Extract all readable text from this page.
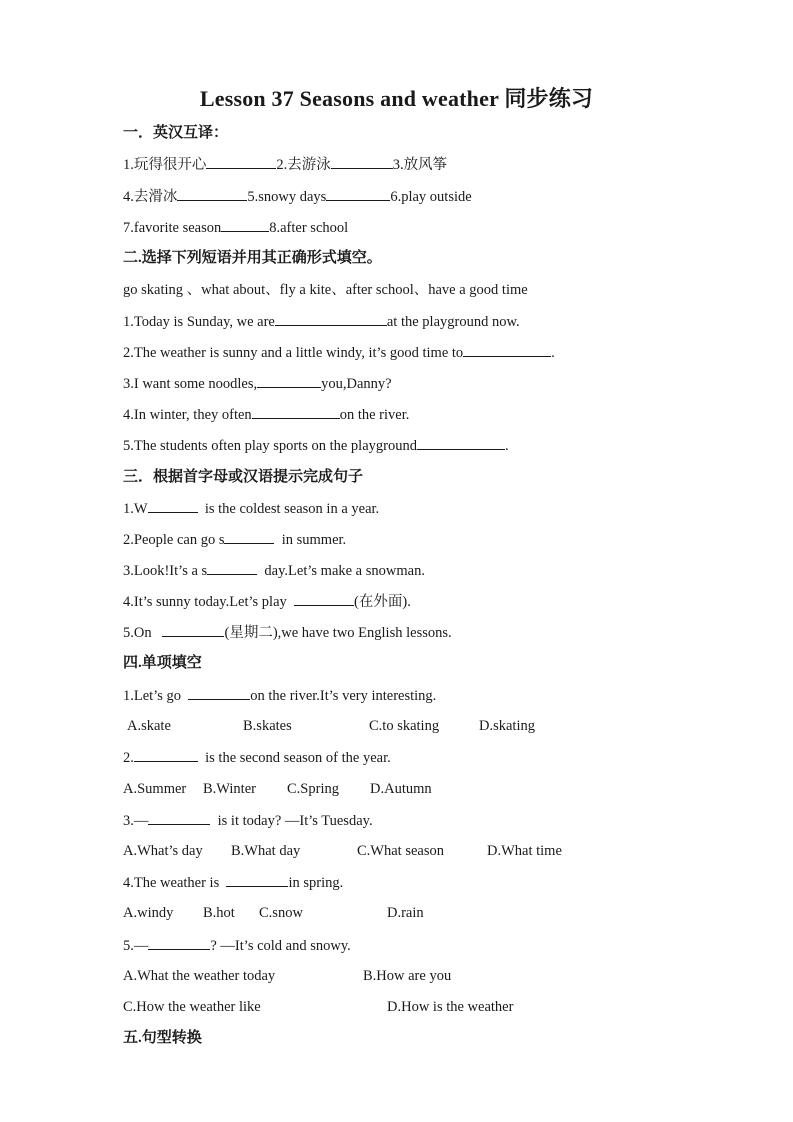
Lesson 37 Seasons and weather 同步练习
一．英汉互译：
1.玩得很开心	2.去游泳	3.放风筝
4.去滑冰	5.snowy days	6.play outside
7.favorite season	8.after school
二.选择下列短语并用其正确形式填空。
go skating 、what about、fly a kite、after school、have a good time
1.Today is Sunday, we are	at the playground now.
2.The weather is sunny and a little windy, it’s good time to	.
3.I want some noodles,	you,Danny?
4.In winter, they often	on the river.
5.The students often play sports on the playground	.
三．根据首字母或汉语提示完成句子
1.W	is the coldest season in a year.
2.People can go s	in summer.
3.Look!It’s a s	day.Let’s make a snowman.
4.It’s sunny today.Let’s play	(在外面).
5.On	(星期二),we have two English lessons.
四.单项填空
1.Let’s go	on the river.It’s very interesting.
A.skate	B.skates	C.to skating	D.skating
2.	is the second season of the year.
A.Summer B.Winter C.Spring D.Autumn
3.—	is it today? —It’s Tuesday.
A.What’s day B.What day	C.What season	D.What time
4.The weather is	in spring.
A.windy B.hot C.snow	D.rain
5.—	? —It’s cold and snowy.
A.What the weather today	B.How are you
C.How the weather like	D.How is the weather
五.句型转换
